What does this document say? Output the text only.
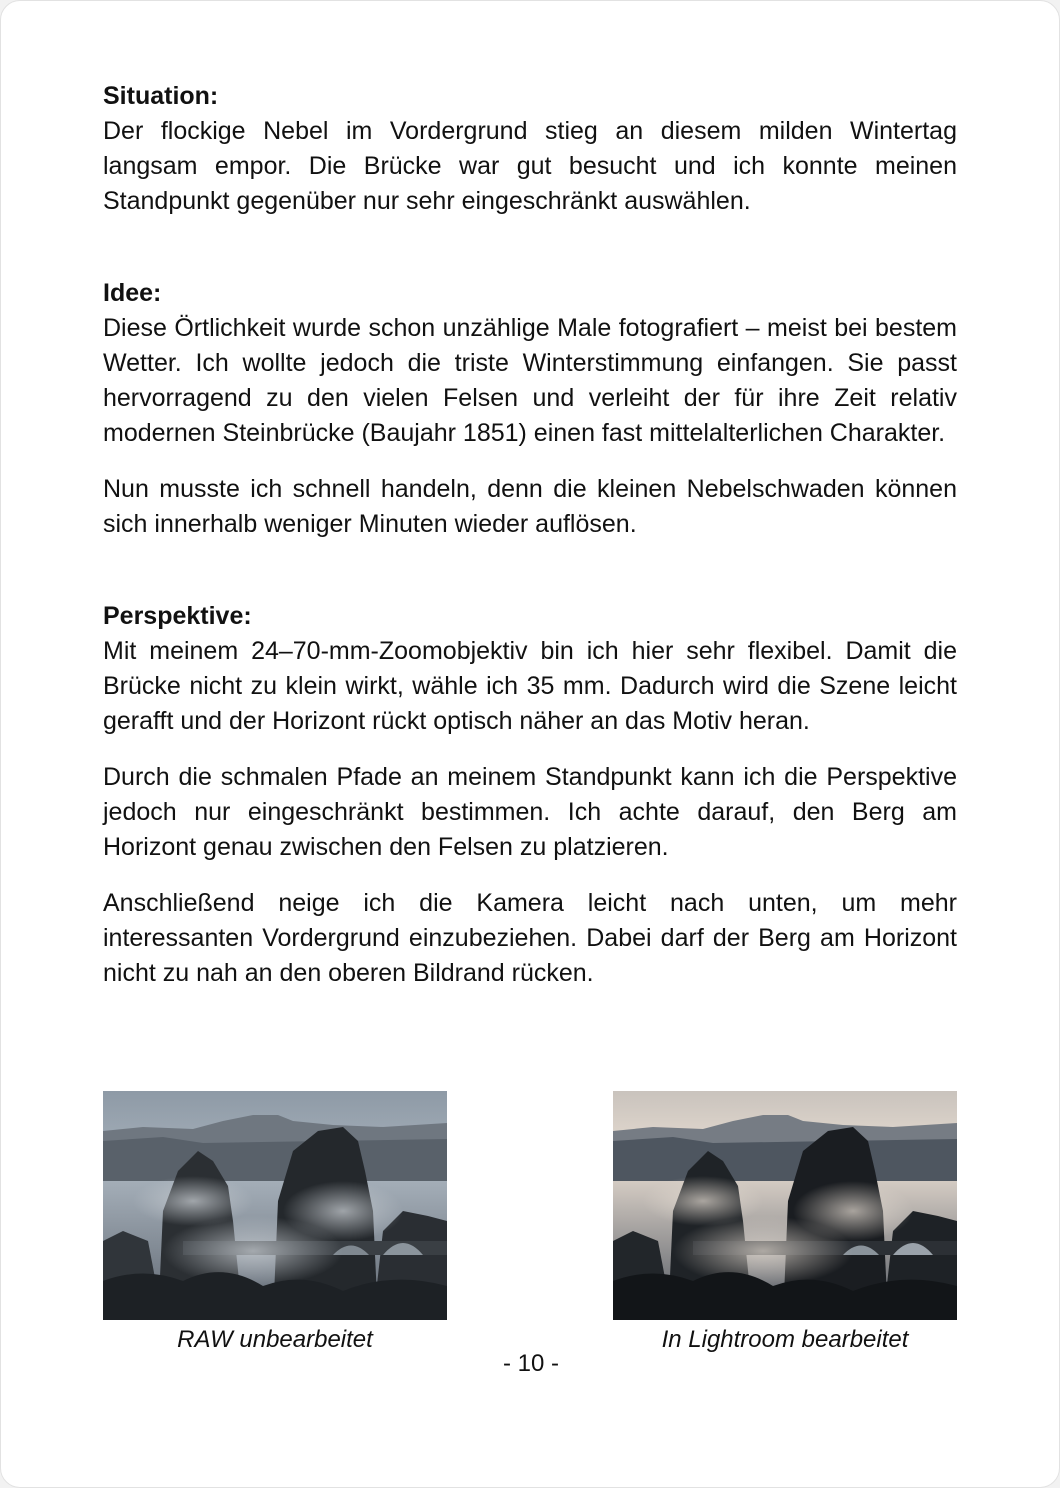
Situation:

Der flockige Nebel im Vordergrund stieg an diesem milden Wintertag langsam empor. Die Brücke war gut besucht und ich konnte meinen Standpunkt gegenüber nur sehr eingeschränkt auswählen.

Idee:

Diese Örtlichkeit wurde schon unzählige Male fotografiert – meist bei bestem Wetter. Ich wollte jedoch die triste Winterstimmung einfangen. Sie passt hervorragend zu den vielen Felsen und verleiht der für ihre Zeit relativ modernen Steinbrücke (Baujahr 1851) einen fast mittelalterlichen Charakter.

Nun musste ich schnell handeln, denn die kleinen Nebelschwaden können sich innerhalb weniger Minuten wieder auflösen.

Perspektive:

Mit meinem 24–70-mm-Zoomobjektiv bin ich hier sehr flexibel. Damit die Brücke nicht zu klein wirkt, wähle ich 35 mm. Dadurch wird die Szene leicht gerafft und der Horizont rückt optisch näher an das Motiv heran.

Durch die schmalen Pfade an meinem Standpunkt kann ich die Perspektive jedoch nur eingeschränkt bestimmen. Ich achte darauf, den Berg am Horizont genau zwischen den Felsen zu platzieren.

Anschließend neige ich die Kamera leicht nach unten, um mehr interessanten Vordergrund einzubeziehen. Dabei darf der Berg am Horizont nicht zu nah an den oberen Bildrand rücken.

RAW unbearbeitet	In Lightroom bearbeitet
- 10 -
